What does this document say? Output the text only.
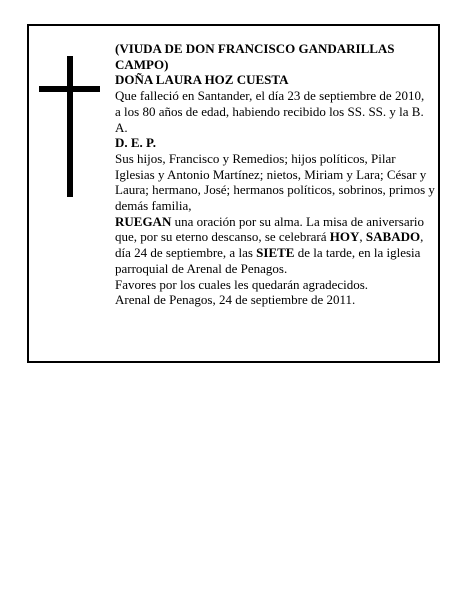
(VIUDA DE DON FRANCISCO GANDARILLAS CAMPO)

DOÑA LAURA HOZ CUESTA

Que falleció en Santander, el día 23 de septiembre de 2010,

a los 80 años de edad, habiendo recibido los SS. SS. y la B. A.

D. E. P.

Sus hijos, Francisco y Remedios; hijos políticos, Pilar Iglesias y Antonio Martínez; nietos, Miriam y Lara; César y Laura; hermano, José; hermanos políticos, sobrinos, primos y demás familia,

RUEGAN una oración por su alma. La misa de aniversario que, por su eterno descanso, se celebrará HOY, SABADO, día 24 de septiembre, a las SIETE de la tarde, en la iglesia parroquial de Arenal de Penagos.

Favores por los cuales les quedarán agradecidos.

Arenal de Penagos, 24 de septiembre de 2011.
